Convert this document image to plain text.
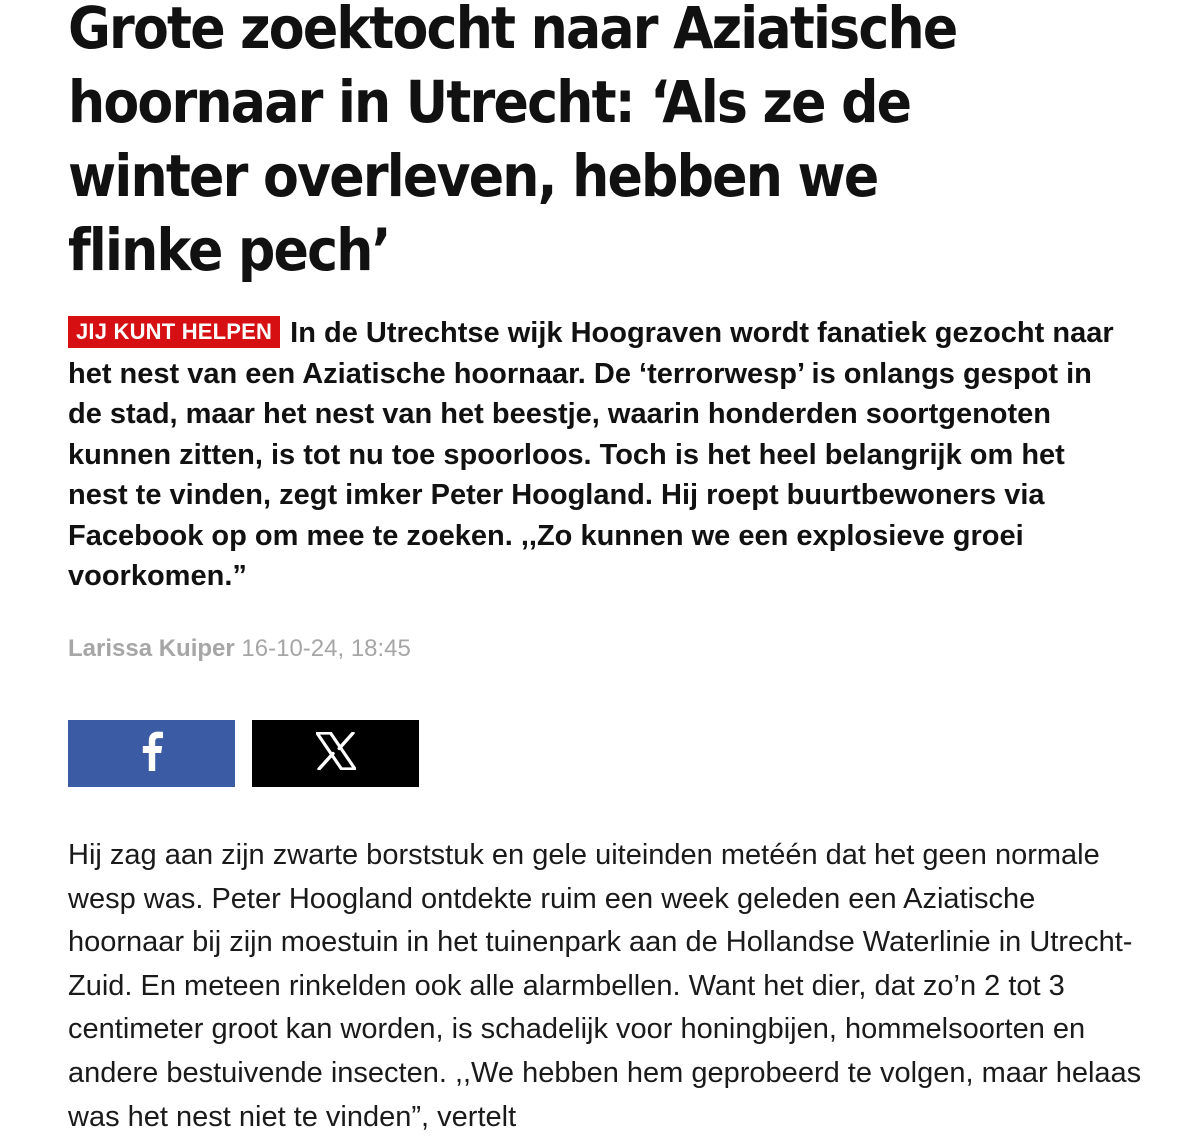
Grote zoektocht naar Aziatische hoornaar in Utrecht: ‘Als ze de winter overleven, hebben we flinke pech’

JIJ KUNT HELPEN In de Utrechtse wijk Hoograven wordt fanatiek gezocht naar het nest van een Aziatische hoornaar. De ‘terrorwesp’ is onlangs gespot in de stad, maar het nest van het beestje, waarin honderden soortgenoten kunnen zitten, is tot nu toe spoorloos. Toch is het heel belangrijk om het nest te vinden, zegt imker Peter Hoogland. Hij roept buurtbewoners via Facebook op om mee te zoeken. ,,Zo kunnen we een explosieve groei voorkomen.”

Larissa Kuiper 16-10-24, 18:45

Hij zag aan zijn zwarte borststuk en gele uiteinden metéén dat het geen normale wesp was. Peter Hoogland ontdekte ruim een week geleden een Aziatische hoornaar bij zijn moestuin in het tuinenpark aan de Hollandse Waterlinie in Utrecht-Zuid. En meteen rinkelden ook alle alarmbellen. Want het dier, dat zo’n 2 tot 3 centimeter groot kan worden, is schadelijk voor honingbijen, hommelsoorten en andere bestuivende insecten. ,,We hebben hem geprobeerd te volgen, maar helaas was het nest niet te vinden”, vertelt
